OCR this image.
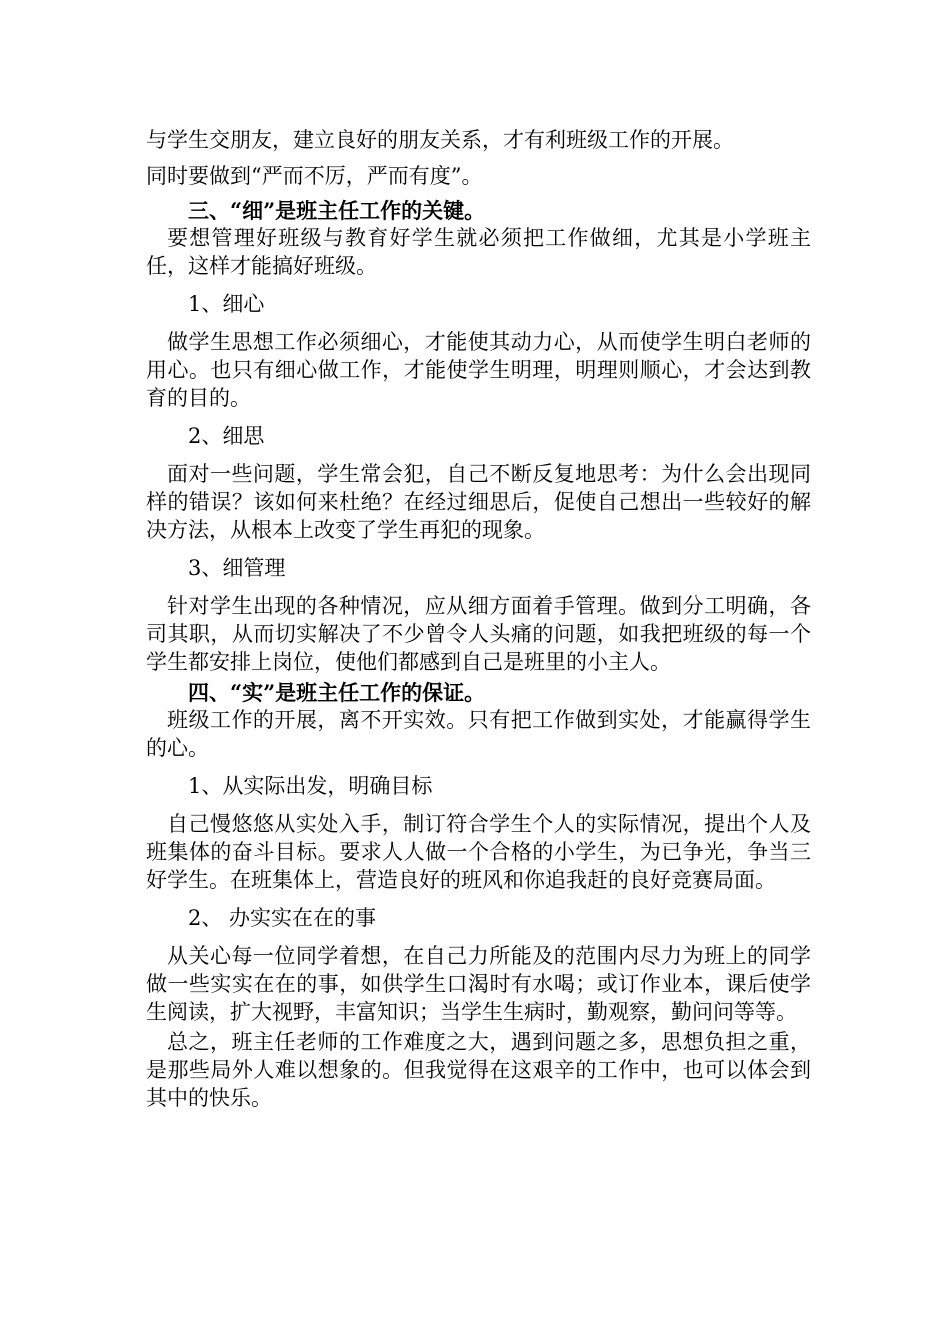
与学生交朋友，建立良好的朋友关系，才有利班级工作的开展。

同时要做到“严而不厉，严而有度”。

三、“细”是班主任工作的关键。

要想管理好班级与教育好学生就必须把工作做细，尤其是小学班主任，这样才能搞好班级。

1、细心

做学生思想工作必须细心，才能使其动力心，从而使学生明白老师的用心。也只有细心做工作，才能使学生明理，明理则顺心，才会达到教育的目的。

2、细思

面对一些问题，学生常会犯，自己不断反复地思考：为什么会出现同样的错误？该如何来杜绝？在经过细思后，促使自己想出一些较好的解决方法，从根本上改变了学生再犯的现象。

3、细管理

针对学生出现的各种情况，应从细方面着手管理。做到分工明确，各司其职，从而切实解决了不少曾令人头痛的问题，如我把班级的每一个学生都安排上岗位，使他们都感到自己是班里的小主人。

四、“实”是班主任工作的保证。

班级工作的开展，离不开实效。只有把工作做到实处，才能赢得学生的心。

1、从实际出发，明确目标

自己慢悠悠从实处入手，制订符合学生个人的实际情况，提出个人及班集体的奋斗目标。要求人人做一个合格的小学生，为已争光，争当三好学生。在班集体上，营造良好的班风和你追我赶的良好竞赛局面。

2、 办实实在在的事

从关心每一位同学着想，在自己力所能及的范围内尽力为班上的同学做一些实实在在的事，如供学生口渴时有水喝；或订作业本，课后使学生阅读，扩大视野，丰富知识；当学生生病时，勤观察，勤问问等等。

总之，班主任老师的工作难度之大，遇到问题之多，思想负担之重，是那些局外人难以想象的。但我觉得在这艰辛的工作中，也可以体会到其中的快乐。
